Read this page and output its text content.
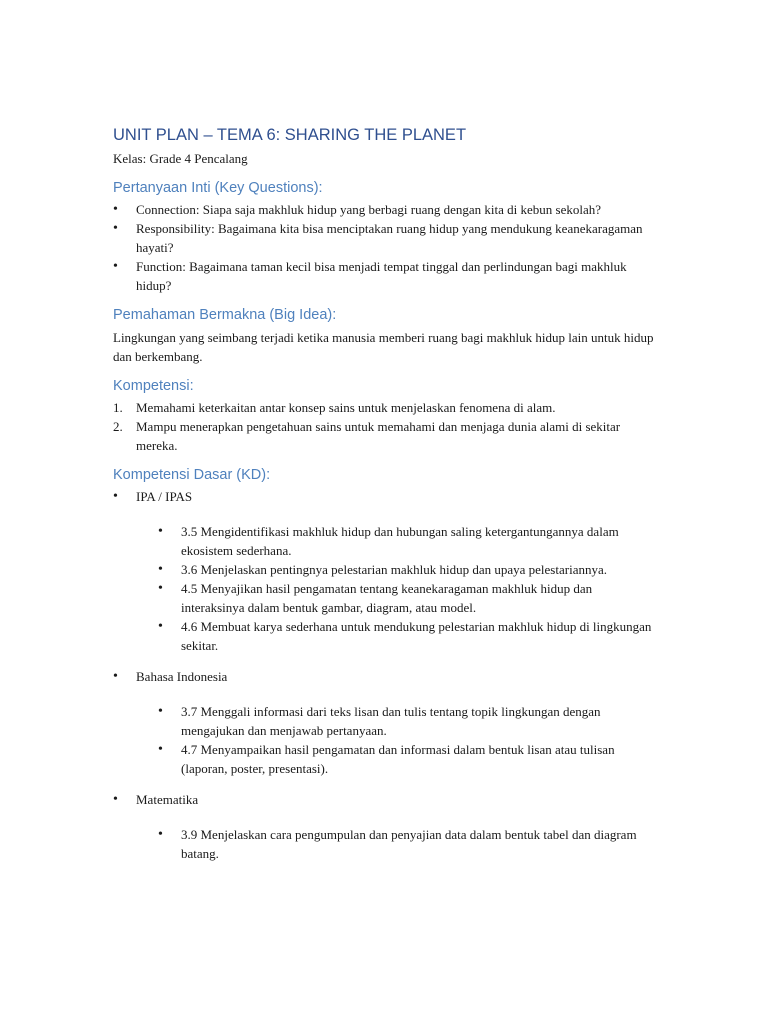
UNIT PLAN – TEMA 6: SHARING THE PLANET

Kelas: Grade 4 Pencalang

Pertanyaan Inti (Key Questions):
• Connection: Siapa saja makhluk hidup yang berbagi ruang dengan kita di kebun sekolah?
• Responsibility: Bagaimana kita bisa menciptakan ruang hidup yang mendukung keanekaragaman hayati?
• Function: Bagaimana taman kecil bisa menjadi tempat tinggal dan perlindungan bagi makhluk hidup?
Pemahaman Bermakna (Big Idea):

Lingkungan yang seimbang terjadi ketika manusia memberi ruang bagi makhluk hidup lain untuk hidup dan berkembang.

Kompetensi:
1. Memahami keterkaitan antar konsep sains untuk menjelaskan fenomena di alam.
2. Mampu menerapkan pengetahuan sains untuk memahami dan menjaga dunia alami di sekitar mereka.
Kompetensi Dasar (KD):
• IPA / IPAS
• 3.5 Mengidentifikasi makhluk hidup dan hubungan saling ketergantungannya dalam ekosistem sederhana.
• 3.6 Menjelaskan pentingnya pelestarian makhluk hidup dan upaya pelestariannya.
• 4.5 Menyajikan hasil pengamatan tentang keanekaragaman makhluk hidup dan interaksinya dalam bentuk gambar, diagram, atau model.
• 4.6 Membuat karya sederhana untuk mendukung pelestarian makhluk hidup di lingkungan sekitar.
• Bahasa Indonesia
• 3.7 Menggali informasi dari teks lisan dan tulis tentang topik lingkungan dengan mengajukan dan menjawab pertanyaan.
• 4.7 Menyampaikan hasil pengamatan dan informasi dalam bentuk lisan atau tulisan (laporan, poster, presentasi).
• Matematika
• 3.9 Menjelaskan cara pengumpulan dan penyajian data dalam bentuk tabel dan diagram batang.
